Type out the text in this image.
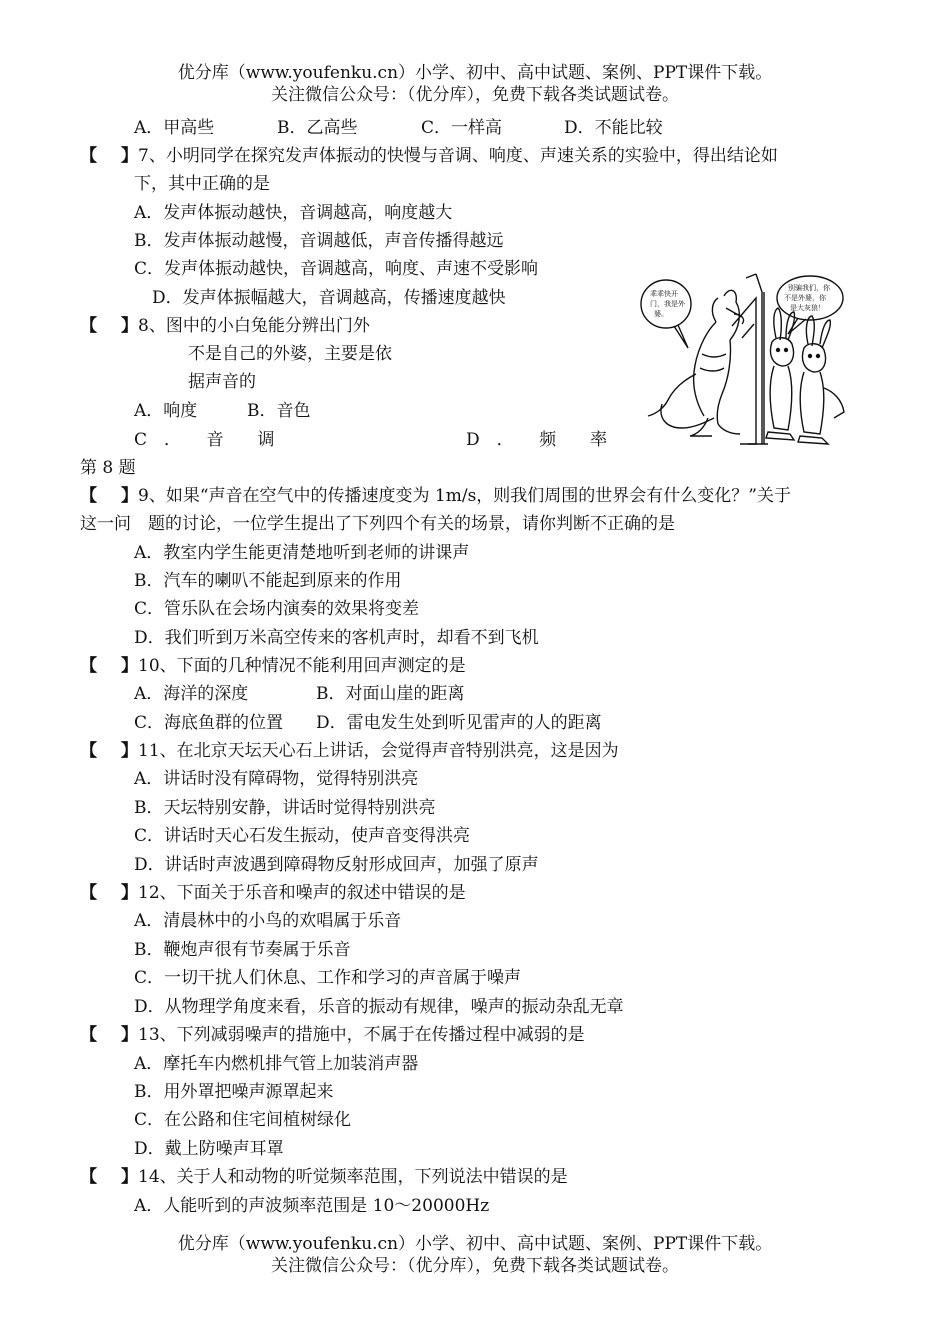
优分库（www.youfenku.cn）小学、初中、高中试题、案例、PPT课件下载。
关注微信公众号：（优分库），免费下载各类试题试卷。
A．甲高些	B．乙高些	C．一样高	D．不能比较
【 】7、小明同学在探究发声体振动的快慢与音调、响度、声速关系的实验中，得出结论如
下，其中正确的是
A．发声体振动越快，音调越高，响度越大
B．发声体振动越慢，音调越低，声音传播得越远
C．发声体振动越快，音调越高，响度、声速不受影响
D．发声体振幅越大，音调越高，传播速度越快
【 】8、图中的小白兔能分辨出门外
不是自己的外婆，主要是依
据声音的
A．响度	B．音色
C　．　　音　　调	D　．　　频　　率
第 8 题
乖乖快开
门，我是外
婆。
别骗我们，你
不是外婆，你
是大灰狼！
【 】9、如果“声音在空气中的传播速度变为 1m/s，则我们周围的世界会有什么变化？”关于
这一问　题的讨论，一位学生提出了下列四个有关的场景，请你判断不正确的是
A．教室内学生能更清楚地听到老师的讲课声
B．汽车的喇叭不能起到原来的作用
C．管乐队在会场内演奏的效果将变差
D．我们听到万米高空传来的客机声时，却看不到飞机
【 】10、下面的几种情况不能利用回声测定的是
A．海洋的深度	B．对面山崖的距离
C．海底鱼群的位置 D．雷电发生处到听见雷声的人的距离
【 】11、在北京天坛天心石上讲话，会觉得声音特别洪亮，这是因为
A．讲话时没有障碍物，觉得特别洪亮
B．天坛特别安静，讲话时觉得特别洪亮
C．讲话时天心石发生振动，使声音变得洪亮
D．讲话时声波遇到障碍物反射形成回声，加强了原声
【 】12、下面关于乐音和噪声的叙述中错误的是
A．清晨林中的小鸟的欢唱属于乐音
B．鞭炮声很有节奏属于乐音
C．一切干扰人们休息、工作和学习的声音属于噪声
D．从物理学角度来看，乐音的振动有规律，噪声的振动杂乱无章
【 】13、下列减弱噪声的措施中，不属于在传播过程中减弱的是
A．摩托车内燃机排气管上加装消声器
B．用外罩把噪声源罩起来
C．在公路和住宅间植树绿化
D．戴上防噪声耳罩
【 】14、关于人和动物的听觉频率范围，下列说法中错误的是
A．人能听到的声波频率范围是 10～20000Hz
优分库（www.youfenku.cn）小学、初中、高中试题、案例、PPT课件下载。
关注微信公众号：（优分库），免费下载各类试题试卷。
